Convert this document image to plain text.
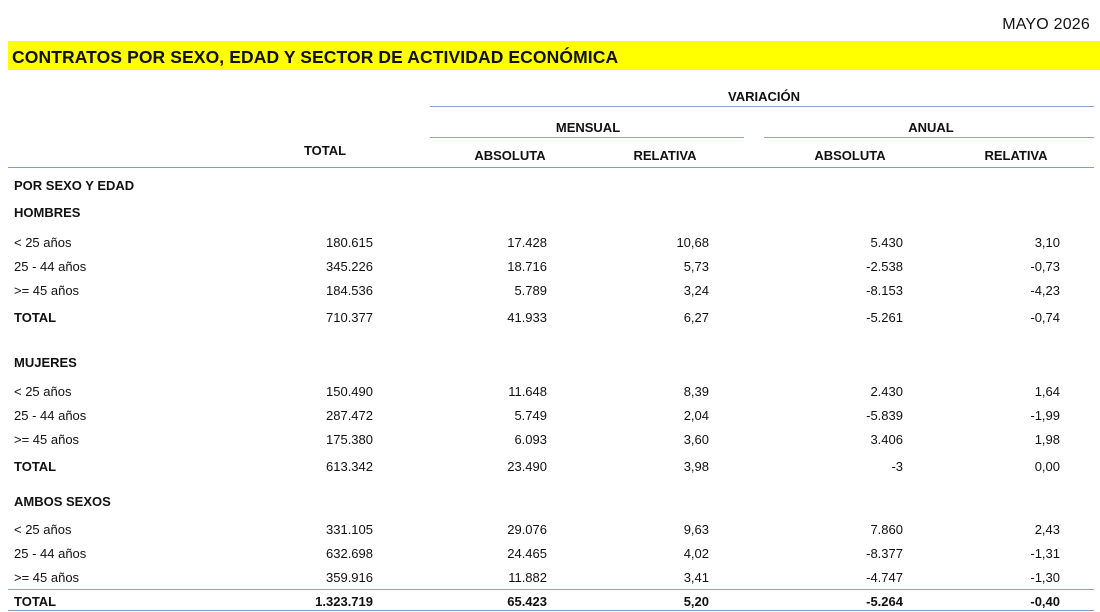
MAYO 2026
CONTRATOS POR SEXO, EDAD Y SECTOR DE ACTIVIDAD ECONÓMICA
VARIACIÓN
MENSUAL	ANUAL
TOTAL	ABSOLUTA	RELATIVA	ABSOLUTA	RELATIVA
POR SEXO Y EDAD
HOMBRES
< 25 años	180.615	17.428	10,68	5.430	3,10
25 - 44 años	345.226	18.716	5,73	-2.538	-0,73
>= 45 años	184.536	5.789	3,24	-8.153	-4,23
TOTAL	710.377	41.933	6,27	-5.261	-0,74
MUJERES
< 25 años	150.490	11.648	8,39	2.430	1,64
25 - 44 años	287.472	5.749	2,04	-5.839	-1,99
>= 45 años	175.380	6.093	3,60	3.406	1,98
TOTAL	613.342	23.490	3,98	-3	0,00
AMBOS SEXOS
< 25 años	331.105	29.076	9,63	7.860	2,43
25 - 44 años	632.698	24.465	4,02	-8.377	-1,31
>= 45 años	359.916	11.882	3,41	-4.747	-1,30
TOTAL	1.323.719	65.423	5,20	-5.264	-0,40
